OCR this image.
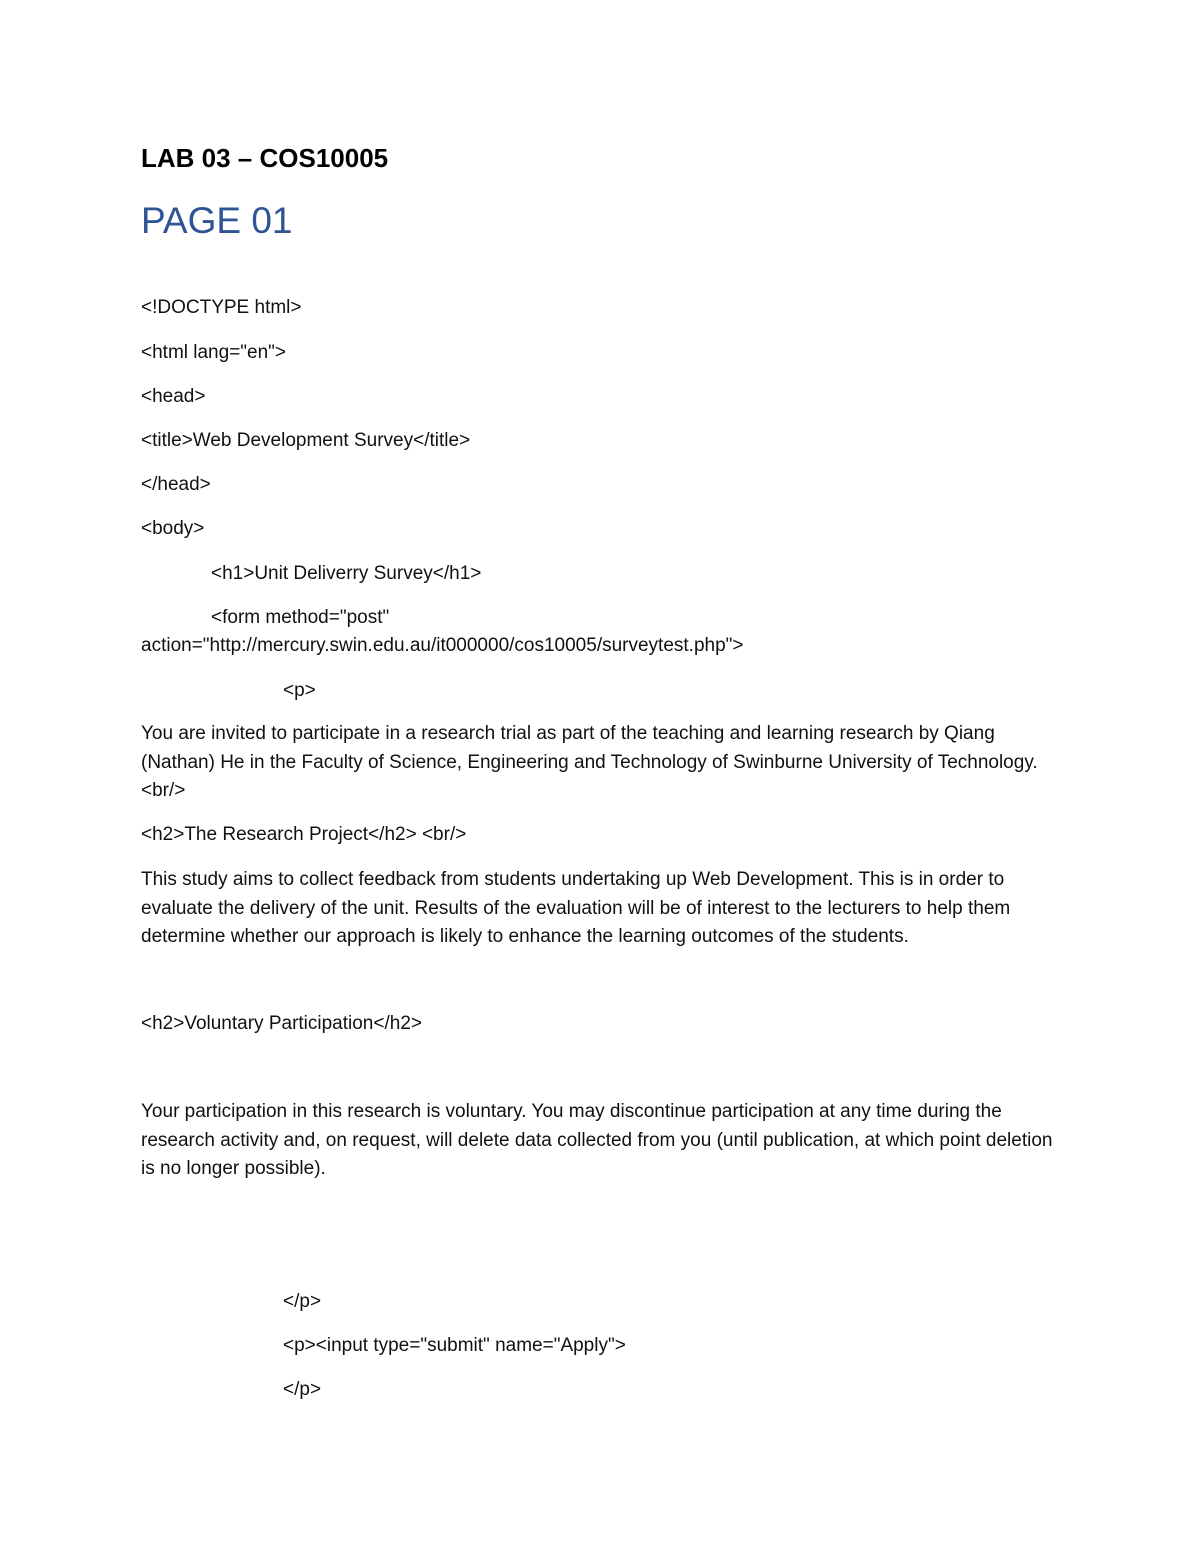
LAB 03 – COS10005
PAGE 01
<!DOCTYPE html>
<html lang="en">
<head>
<title>Web Development Survey</title>
</head>
<body>
<h1>Unit Deliverry Survey</h1>
<form method="post"
action="http://mercury.swin.edu.au/it000000/cos10005/surveytest.php">
<p>
You are invited to participate in a research trial as part of the teaching and learning research by Qiang (Nathan) He in the Faculty of Science, Engineering and Technology of Swinburne University of Technology. <br/>
<h2>The Research Project</h2> <br/>
This study aims to collect feedback from students undertaking up Web Development. This is in order to evaluate the delivery of the unit. Results of the evaluation will be of interest to the lecturers to help them determine whether our approach is likely to enhance the learning outcomes of the students.
<h2>Voluntary Participation</h2>
Your participation in this research is voluntary. You may discontinue participation at any time during the research activity and, on request, will delete data collected from you (until publication, at which point deletion is no longer possible).
</p>
<p><input type="submit" name="Apply">
</p>
